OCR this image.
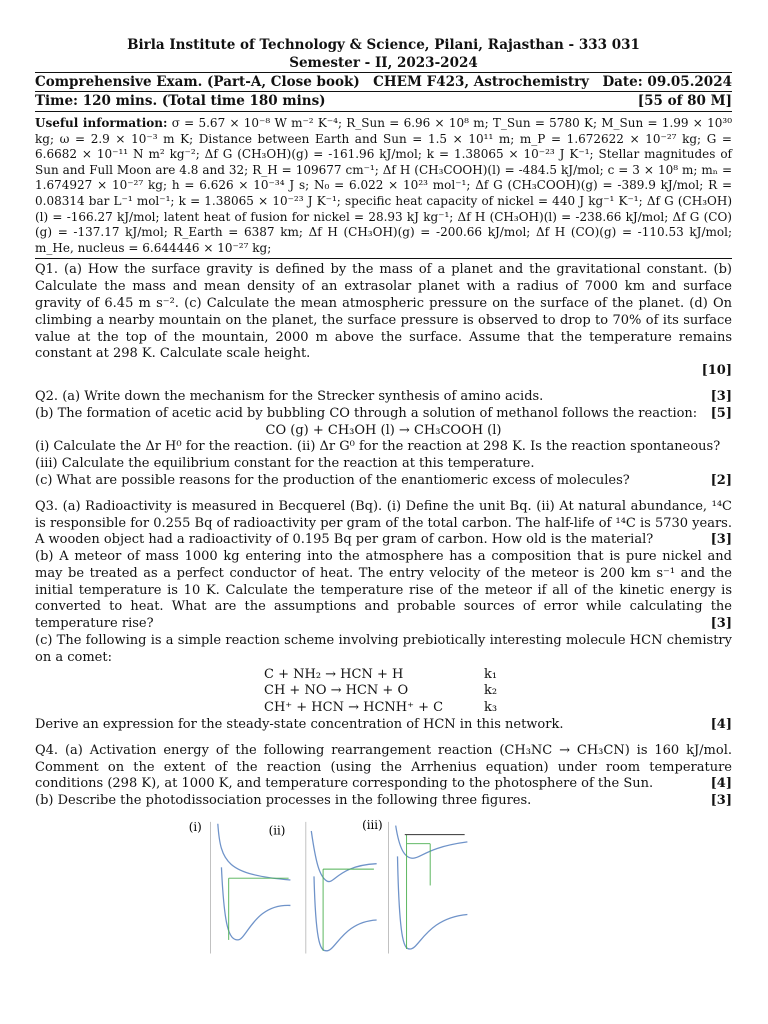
Birla Institute of Technology & Science, Pilani, Rajasthan - 333 031
Semester - II, 2023-2024
Comprehensive Exam. (Part-A, Close book) CHEM F423, Astrochemistry Date: 09.05.2024
Time: 120 mins. (Total time 180 mins)	[55 of 80 M]
Useful information: σ = 5.67 × 10⁻⁸ W m⁻² K⁻⁴; R_Sun = 6.96 × 10⁸ m; T_Sun = 5780 K; M_Sun = 1.99 × 10³⁰ kg; ω = 2.9 × 10⁻³ m K; Distance between Earth and Sun = 1.5 × 10¹¹ m; m_P = 1.672622 × 10⁻²⁷ kg; G = 6.6682 × 10⁻¹¹ N m² kg⁻²; Δf G (CH₃OH)(g) = -161.96 kJ/mol; k = 1.38065 × 10⁻²³ J K⁻¹; Stellar magnitudes of Sun and Full Moon are 4.8 and 32; R_H = 109677 cm⁻¹; Δf H (CH₃COOH)(l) = -484.5 kJ/mol; c = 3 × 10⁸ m; mₙ = 1.674927 × 10⁻²⁷ kg; h = 6.626 × 10⁻³⁴ J s; N₀ = 6.022 × 10²³ mol⁻¹; Δf G (CH₃COOH)(g) = -389.9 kJ/mol; R = 0.08314 bar L⁻¹ mol⁻¹; k = 1.38065 × 10⁻²³ J K⁻¹; specific heat capacity of nickel = 440 J kg⁻¹ K⁻¹; Δf G (CH₃OH)(l) = -166.27 kJ/mol; latent heat of fusion for nickel = 28.93 kJ kg⁻¹; Δf H (CH₃OH)(l) = -238.66 kJ/mol; Δf G (CO)(g) = -137.17 kJ/mol; R_Earth = 6387 km; Δf H (CH₃OH)(g) = -200.66 kJ/mol; Δf H (CO)(g) = -110.53 kJ/mol; m_He, nucleus = 6.644446 × 10⁻²⁷ kg;
Q1. (a) How the surface gravity is defined by the mass of a planet and the gravitational constant. (b) Calculate the mass and mean density of an extrasolar planet with a radius of 7000 km and surface gravity of 6.45 m s⁻². (c) Calculate the mean atmospheric pressure on the surface of the planet. (d) On climbing a nearby mountain on the planet, the surface pressure is observed to drop to 70% of its surface value at the top of the mountain, 2000 m above the surface. Assume that the temperature remains constant at 298 K. Calculate scale height.
[10]
Q2. (a) Write down the mechanism for the Strecker synthesis of amino acids.	[3]
(b) The formation of acetic acid by bubbling CO through a solution of methanol follows the reaction: [5]
CO (g) + CH₃OH (l) → CH₃COOH (l)
(i) Calculate the Δr H⁰ for the reaction. (ii) Δr G⁰ for the reaction at 298 K. Is the reaction spontaneous?
(iii) Calculate the equilibrium constant for the reaction at this temperature.
(c) What are possible reasons for the production of the enantiomeric excess of molecules?	[2]
Q3. (a) Radioactivity is measured in Becquerel (Bq). (i) Define the unit Bq. (ii) At natural abundance, ¹⁴C is responsible for 0.255 Bq of radioactivity per gram of the total carbon. The half-life of ¹⁴C is 5730 years. A wooden object had a radioactivity of 0.195 Bq per gram of carbon. How old is the material?	[3]
(b) A meteor of mass 1000 kg entering into the atmosphere has a composition that is pure nickel and may be treated as a perfect conductor of heat. The entry velocity of the meteor is 200 km s⁻¹ and the initial temperature is 10 K. Calculate the temperature rise of the meteor if all of the kinetic energy is converted to heat. What are the assumptions and probable sources of error while calculating the temperature rise?	[3]
(c) The following is a simple reaction scheme involving prebiotically interesting molecule HCN chemistry on a comet:
C + NH₂ → HCN + H	k₁
CH + NO → HCN + O	k₂
CH⁺ + HCN → HCNH⁺ + C	k₃
Derive an expression for the steady-state concentration of HCN in this network.	[4]
Q4. (a) Activation energy of the following rearrangement reaction (CH₃NC → CH₃CN) is 160 kJ/mol. Comment on the extent of the reaction (using the Arrhenius equation) under room temperature conditions (298 K), at 1000 K, and temperature corresponding to the photosphere of the Sun.	[4]
(b) Describe the photodissociation processes in the following three figures.	[3]
(i)	(ii)	(iii)
